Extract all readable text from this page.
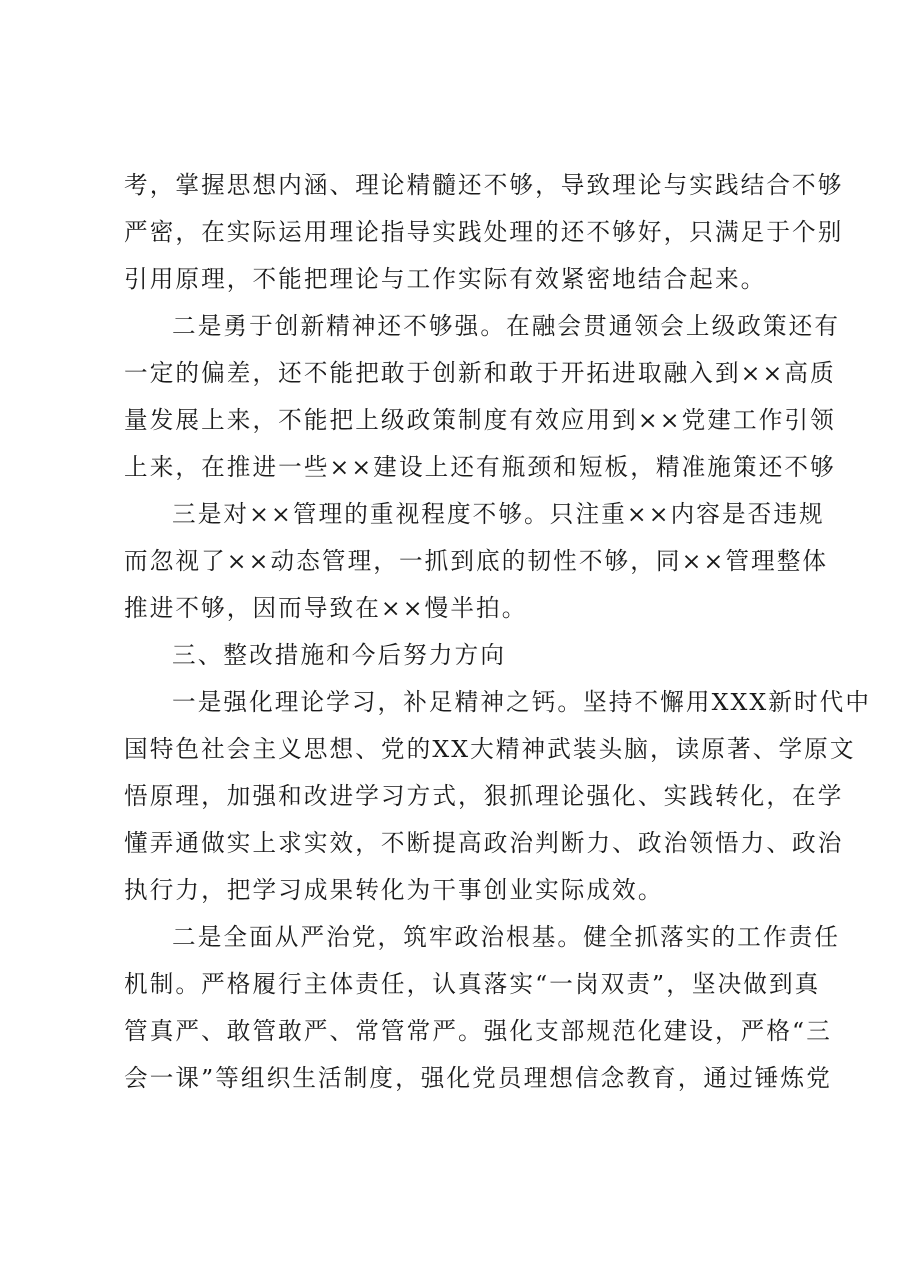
考，掌握思想内涵、理论精髓还不够，导致理论与实践结合不够
严密，在实际运用理论指导实践处理的还不够好，只满足于个别
引用原理，不能把理论与工作实际有效紧密地结合起来。
二是勇于创新精神还不够强。在融会贯通领会上级政策还有
一定的偏差，还不能把敢于创新和敢于开拓进取融入到××高质
量发展上来，不能把上级政策制度有效应用到××党建工作引领
上来，在推进一些××建设上还有瓶颈和短板，精准施策还不够
三是对××管理的重视程度不够。只注重××内容是否违规
而忽视了××动态管理，一抓到底的韧性不够，同××管理整体
推进不够，因而导致在××慢半拍。
三、整改措施和今后努力方向
一是强化理论学习，补足精神之钙。坚持不懈用XXX新时代中
国特色社会主义思想、党的XX大精神武装头脑，读原著、学原文
悟原理，加强和改进学习方式，狠抓理论强化、实践转化，在学
懂弄通做实上求实效，不断提高政治判断力、政治领悟力、政治
执行力，把学习成果转化为干事创业实际成效。
二是全面从严治党，筑牢政治根基。健全抓落实的工作责任
机制。严格履行主体责任，认真落实“一岗双责”，坚决做到真
管真严、敢管敢严、常管常严。强化支部规范化建设，严格“三
会一课”等组织生活制度，强化党员理想信念教育，通过锤炼党
